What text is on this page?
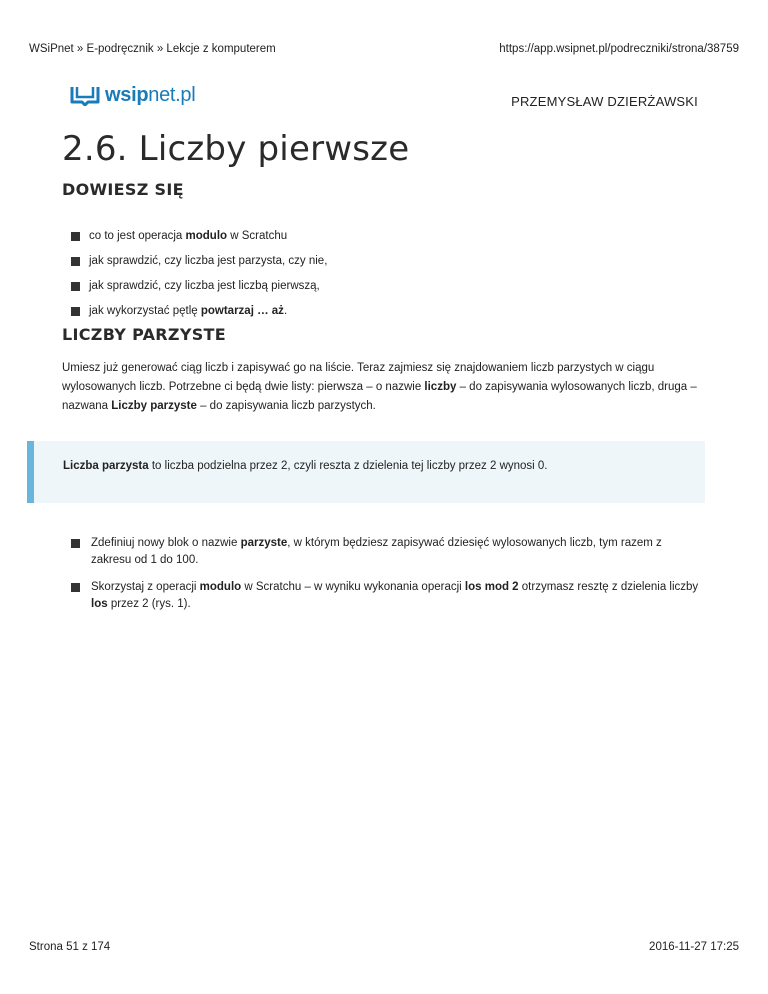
WSiPnet » E-podręcznik » Lekcje z komputerem	https://app.wsipnet.pl/podreczniki/strona/38759
wsipnet.pl	PRZEMYSŁAW DZIERŻAWSKI
2.6. Liczby pierwsze
DOWIESZ SIĘ
co to jest operacja modulo w Scratchu
jak sprawdzić, czy liczba jest parzysta, czy nie,
jak sprawdzić, czy liczba jest liczbą pierwszą,
jak wykorzystać pętlę powtarzaj … aż.
LICZBY PARZYSTE

Umiesz już generować ciąg liczb i zapisywać go na liście. Teraz zajmiesz się znajdowaniem liczb parzystych w ciągu wylosowanych liczb. Potrzebne ci będą dwie listy: pierwsza – o nazwie liczby – do zapisywania wylosowanych liczb, druga – nazwana Liczby parzyste – do zapisywania liczb parzystych.

Liczba parzysta to liczba podzielna przez 2, czyli reszta z dzielenia tej liczby przez 2 wynosi 0.
Zdefiniuj nowy blok o nazwie parzyste, w którym będziesz zapisywać dziesięć wylosowanych liczb, tym razem z zakresu od 1 do 100.
Skorzystaj z operacji modulo w Scratchu – w wyniku wykonania operacji los mod 2 otrzymasz resztę z dzielenia liczby los przez 2 (rys. 1).
Strona 51 z 174	2016-11-27 17:25
